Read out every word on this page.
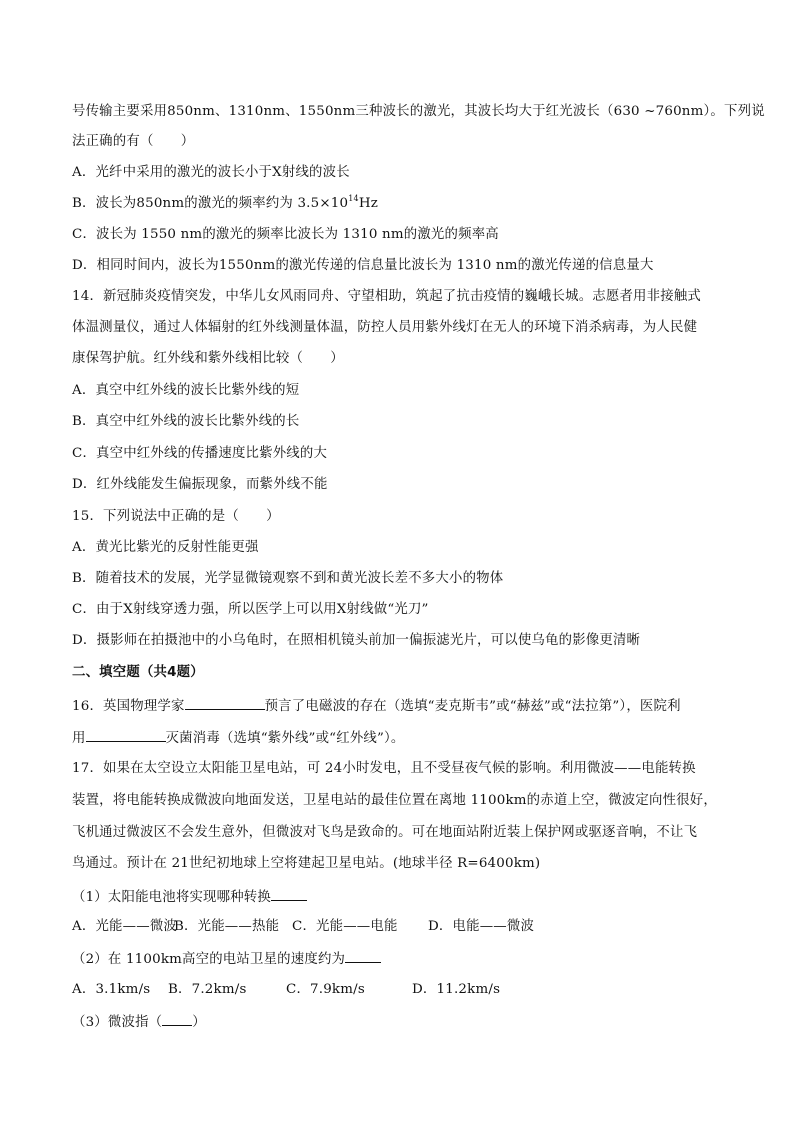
号传输主要采用850nm、1310nm、1550nm三种波长的激光，其波长均大于红光波长（630 ~760nm）。下列说
法正确的有（　　）
A．光纤中采用的激光的波长小于X射线的波长
B．波长为850nm的激光的频率约为 $3.5\times 10^{14}Hz$
C．波长为 1550 nm的激光的频率比波长为 1310 nm的激光的频率高
D．相同时间内，波长为1550nm的激光传递的信息量比波长为 1310 nm的激光传递的信息量大
14．新冠肺炎疫情突发，中华儿女风雨同舟、守望相助，筑起了抗击疫情的巍峨长城。志愿者用非接触式
体温测量仪，通过人体辐射的红外线测量体温，防控人员用紫外线灯在无人的环境下消杀病毒，为人民健
康保驾护航。红外线和紫外线相比较（　　）
A．真空中红外线的波长比紫外线的短
B．真空中红外线的波长比紫外线的长
C．真空中红外线的传播速度比紫外线的大
D．红外线能发生偏振现象，而紫外线不能
15．下列说法中正确的是（　　）
A．黄光比紫光的反射性能更强
B．随着技术的发展，光学显微镜观察不到和黄光波长差不多大小的物体
C．由于X射线穿透力强，所以医学上可以用X射线做“光刀”
D．摄影师在拍摄池中的小乌龟时，在照相机镜头前加一偏振滤光片，可以使乌龟的影像更清晰
二、填空题（共4题）
16．英国物理学家	预言了电磁波的存在（选填“麦克斯韦”或“赫兹”或“法拉第”），医院利
用	灭菌消毒（选填“紫外线”或“红外线”）。
17．如果在太空设立太阳能卫星电站，可 24小时发电，且不受昼夜气候的影响。利用微波——电能转换
装置，将电能转换成微波向地面发送，卫星电站的最佳位置在离地 1100km的赤道上空，微波定向性很好，
飞机通过微波区不会发生意外，但微波对飞鸟是致命的。可在地面站附近装上保护网或驱逐音响，不让飞
鸟通过。预计在 21世纪初地球上空将建起卫星电站。(地球半径 R=6400km)
（1）太阳能电池将实现哪种转换
A．光能——微波B．光能——热能 C．光能——电能 D．电能——微波
（2）在 1100km高空的电站卫星的速度约为
A．3.1km/s B．7.2km/s	C．7.9km/s	D．11.2km/s
（3）微波指（ ）
